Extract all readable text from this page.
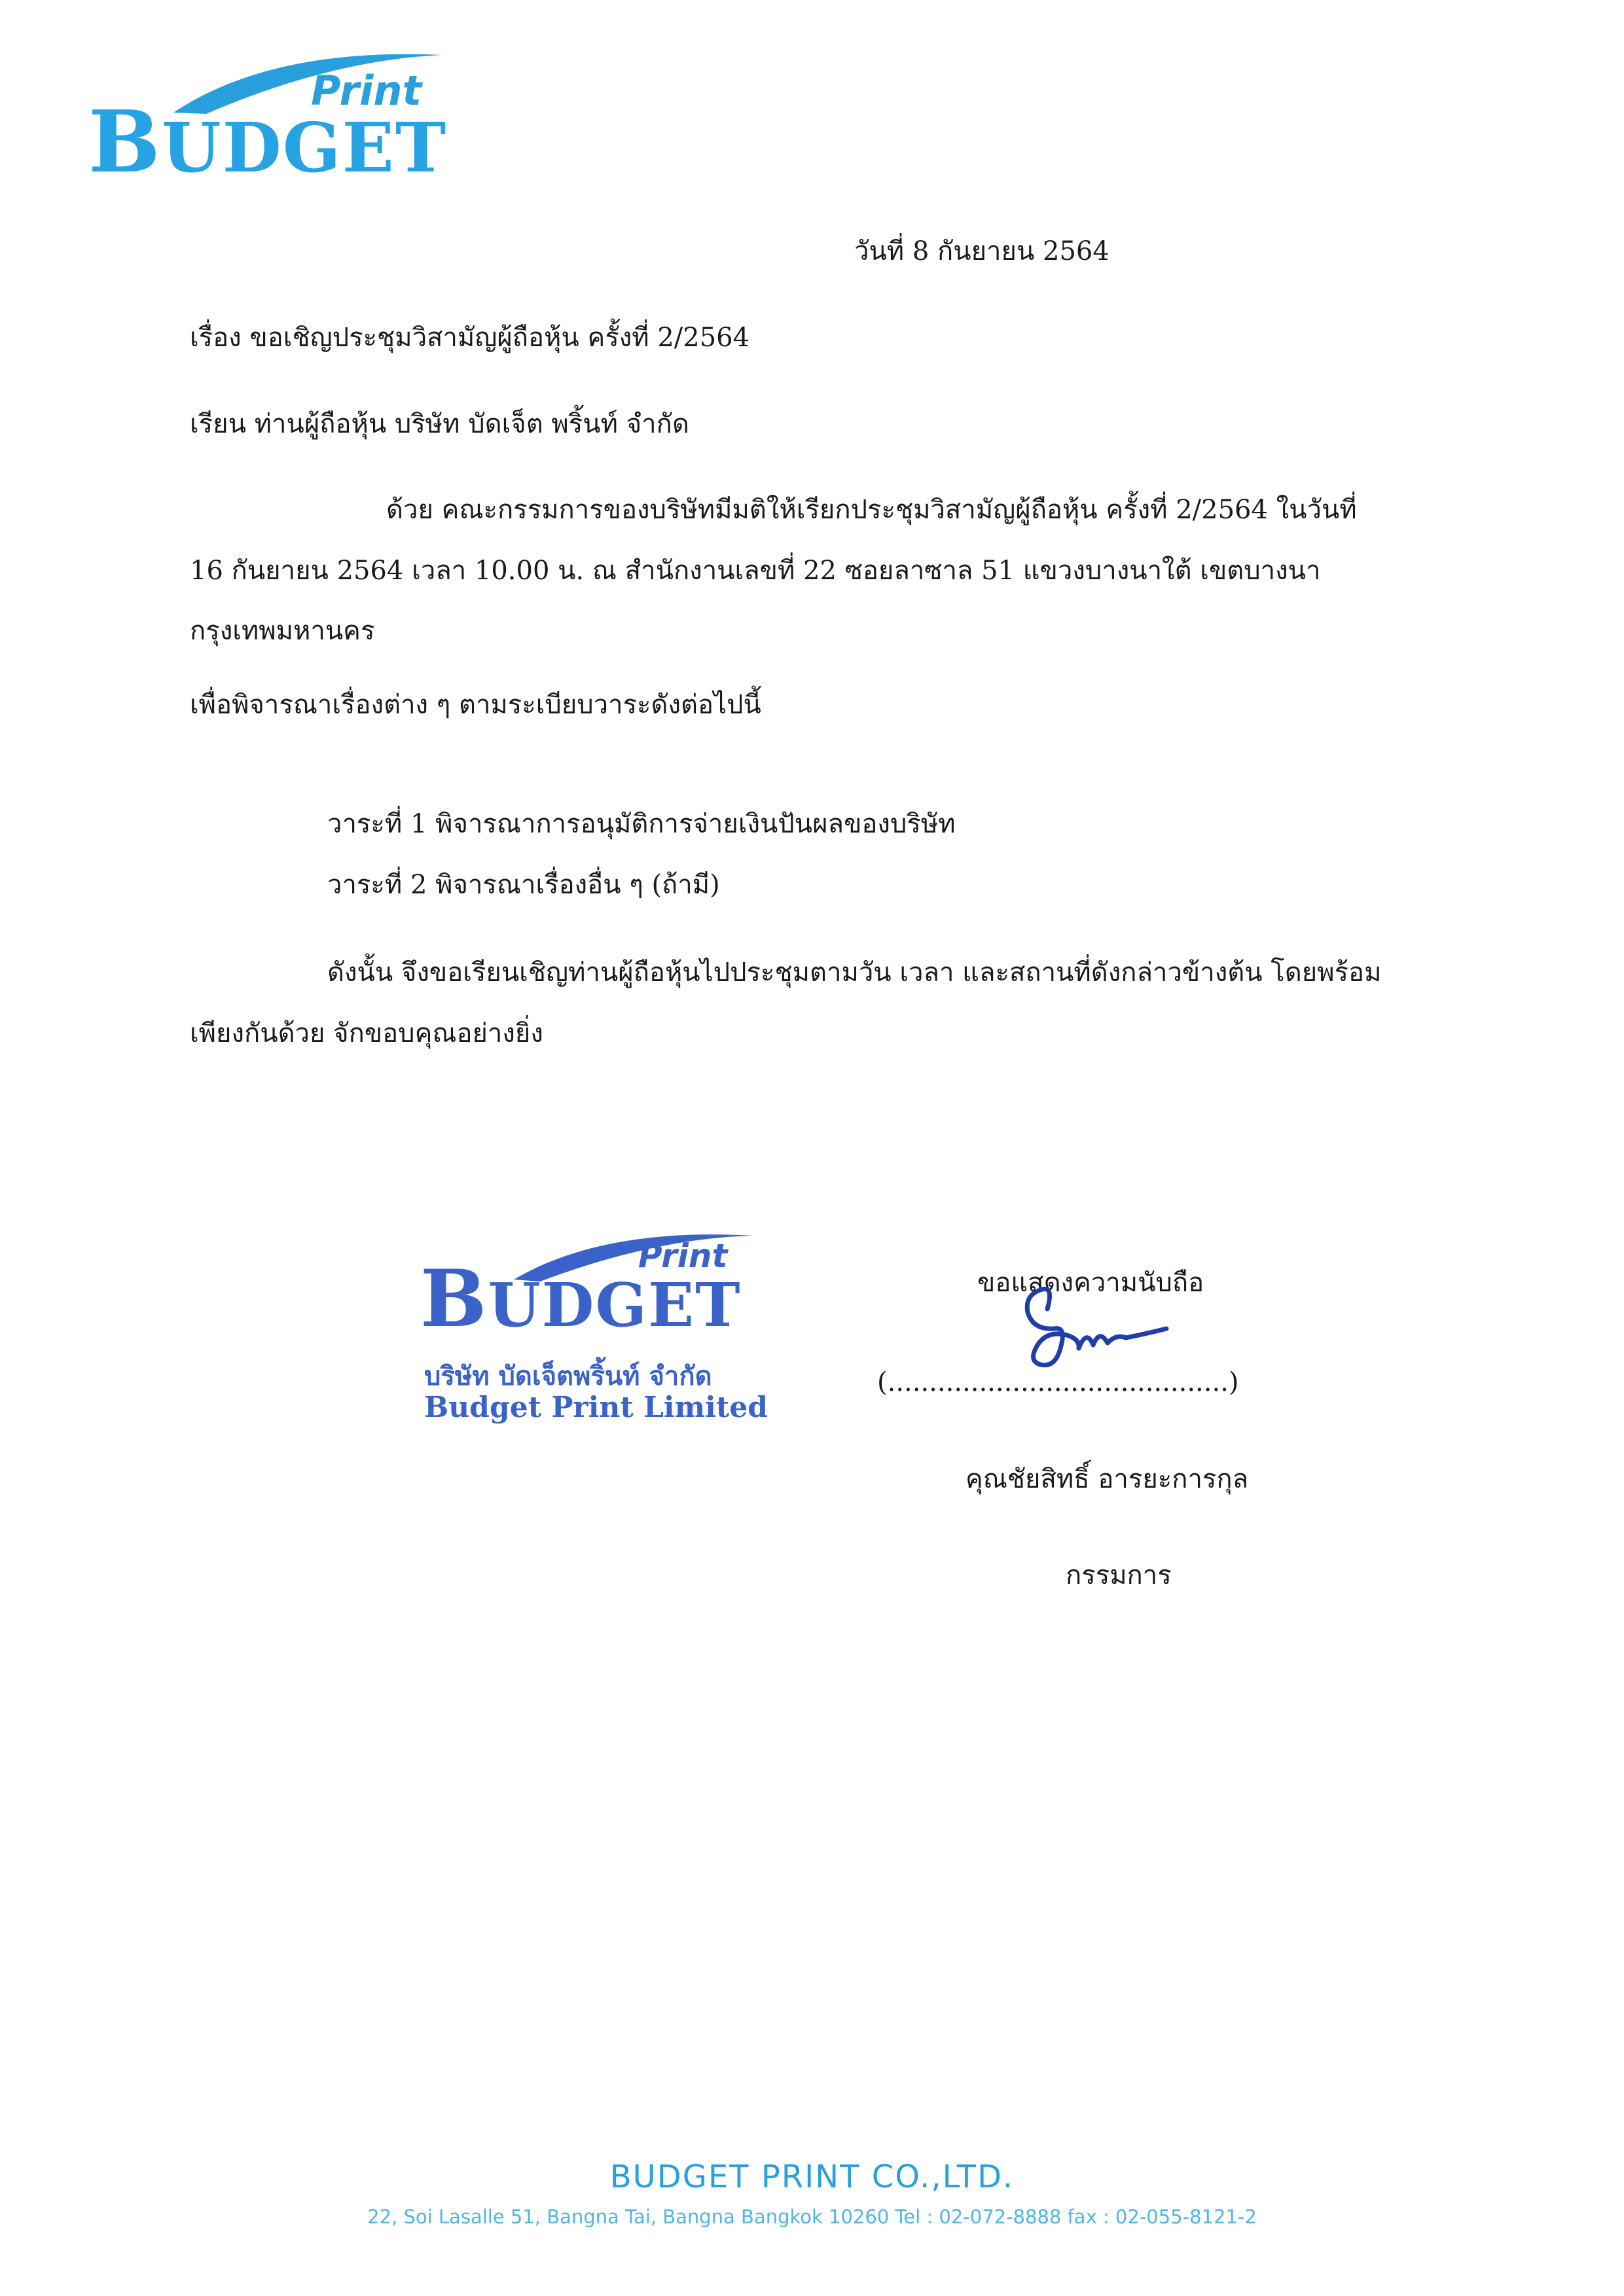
Print
BUDGET
วันที่ 8 กันยายน 2564
เรื่อง ขอเชิญประชุมวิสามัญผู้ถือหุ้น ครั้งที่ 2/2564
เรียน ท่านผู้ถือหุ้น บริษัท บัดเจ็ต พริ้นท์ จำกัด
ด้วย คณะกรรมการของบริษัทมีมติให้เรียกประชุมวิสามัญผู้ถือหุ้น ครั้งที่ 2/2564 ในวันที่
16 กันยายน 2564 เวลา 10.00 น. ณ สำนักงานเลขที่ 22 ซอยลาซาล 51 แขวงบางนาใต้ เขตบางนา
กรุงเทพมหานคร
เพื่อพิจารณาเรื่องต่าง ๆ ตามระเบียบวาระดังต่อไปนี้
วาระที่ 1 พิจารณาการอนุมัติการจ่ายเงินปันผลของบริษัท
วาระที่ 2 พิจารณาเรื่องอื่น ๆ (ถ้ามี)
ดังนั้น จึงขอเรียนเชิญท่านผู้ถือหุ้นไปประชุมตามวัน เวลา และสถานที่ดังกล่าวข้างต้น โดยพร้อม
เพียงกันด้วย จักขอบคุณอย่างยิ่ง
Print
BUDGET
บริษัท บัดเจ็ตพริ้นท์ จำกัด
Budget Print Limited
ขอแสดงความนับถือ
(.........................................)
คุณชัยสิทธิ์ อารยะการกุล
กรรมการ
BUDGET PRINT CO.,LTD.
22, Soi Lasalle 51, Bangna Tai, Bangna Bangkok 10260 Tel : 02-072-8888 fax : 02-055-8121-2
